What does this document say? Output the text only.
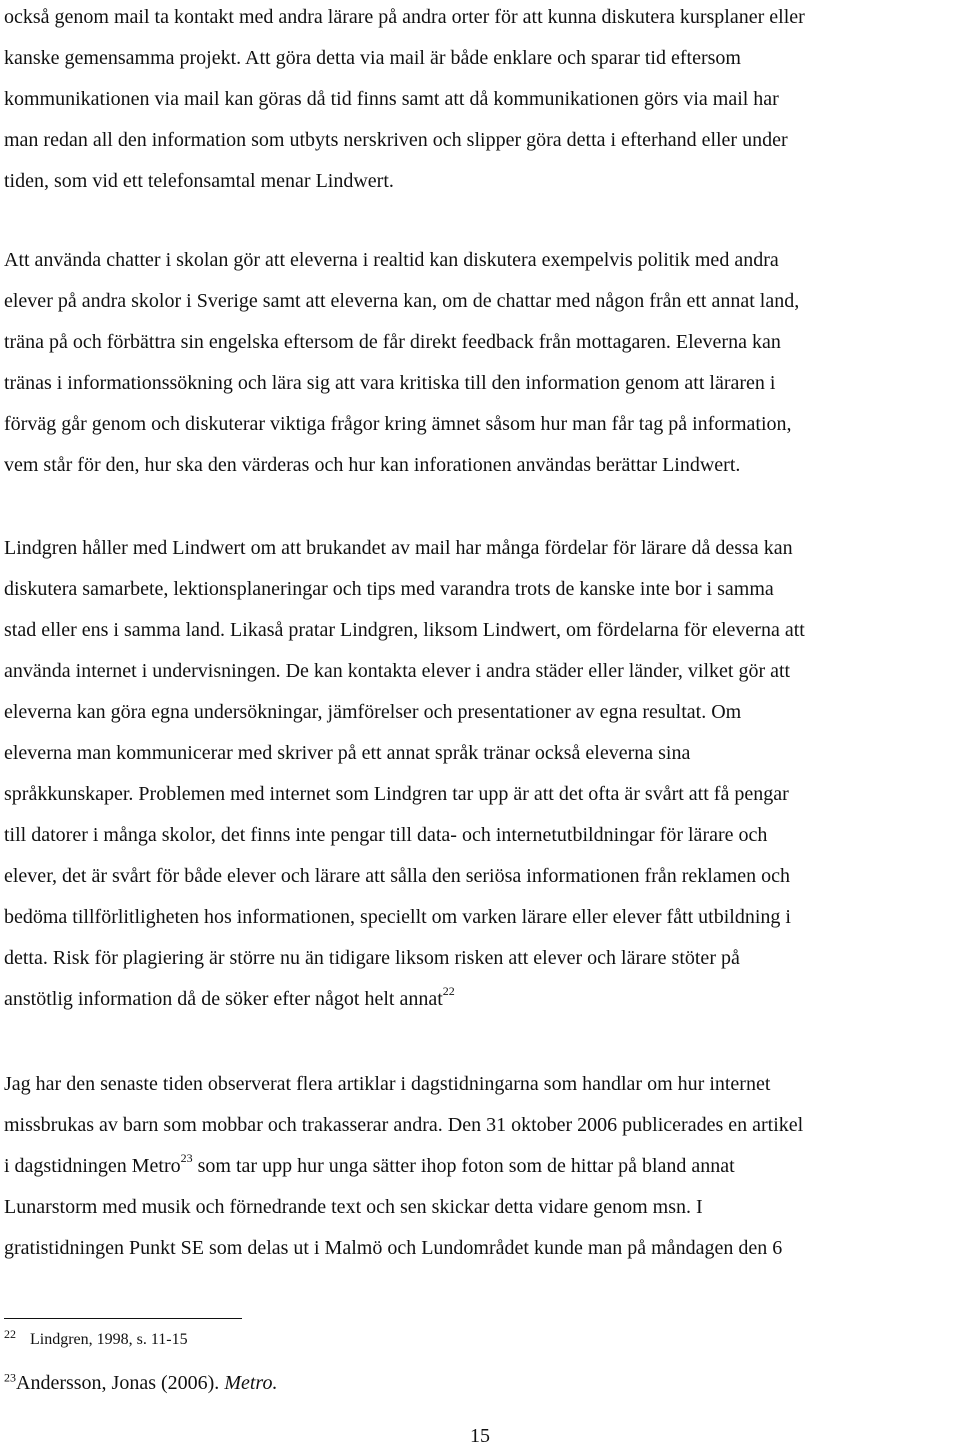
också genom mail ta kontakt med andra lärare på andra orter för att kunna diskutera kursplaner eller
kanske gemensamma projekt. Att göra detta via mail är både enklare och sparar tid eftersom
kommunikationen via mail kan göras då tid finns samt att då kommunikationen görs via mail har
man redan all den information som utbyts nerskriven och slipper göra detta i efterhand eller under
tiden, som vid ett telefonsamtal menar Lindwert.

Att använda chatter i skolan gör att eleverna i realtid kan diskutera exempelvis politik med andra
elever på andra skolor i Sverige samt att eleverna kan, om de chattar med någon från ett annat land,
träna på och förbättra sin engelska eftersom de får direkt feedback från mottagaren. Eleverna kan
tränas i informationssökning och lära sig att vara kritiska till den information genom att läraren i
förväg går genom och diskuterar viktiga frågor kring ämnet såsom hur man får tag på information,
vem står för den, hur ska den värderas och hur kan inforationen användas berättar Lindwert.

Lindgren håller med Lindwert om att brukandet av mail har många fördelar för lärare då dessa kan
diskutera samarbete, lektionsplaneringar och tips med varandra trots de kanske inte bor i samma
stad eller ens i samma land. Likaså pratar Lindgren, liksom Lindwert, om fördelarna för eleverna att
använda internet i undervisningen. De kan kontakta elever i andra städer eller länder, vilket gör att
eleverna kan göra egna undersökningar, jämförelser och presentationer av egna resultat. Om
eleverna man kommunicerar med skriver på ett annat språk tränar också eleverna sina
språkkunskaper. Problemen med internet som Lindgren tar upp är att det ofta är svårt att få pengar
till datorer i många skolor, det finns inte pengar till data- och internetutbildningar för lärare och
elever, det är svårt för både elever och lärare att sålla den seriösa informationen från reklamen och
bedöma tillförlitligheten hos informationen, speciellt om varken lärare eller elever fått utbildning i
detta. Risk för plagiering är större nu än tidigare liksom risken att elever och lärare stöter på
anstötlig information då de söker efter något helt annat$^{22}$

Jag har den senaste tiden observerat flera artiklar i dagstidningarna som handlar om hur internet
missbrukas av barn som mobbar och trakasserar andra. Den 31 oktober 2006 publicerades en artikel
i dagstidningen Metro$^{23}$ som tar upp hur unga sätter ihop foton som de hittar på bland annat
Lunarstorm med musik och förnedrande text och sen skickar detta vidare genom msn. I
gratistidningen Punkt SE som delas ut i Malmö och Lundområdet kunde man på måndagen den 6

$^{22}$ Lindgren, 1998, s. 11-15

$^{23}$Andersson, Jonas (2006). Metro.

15
